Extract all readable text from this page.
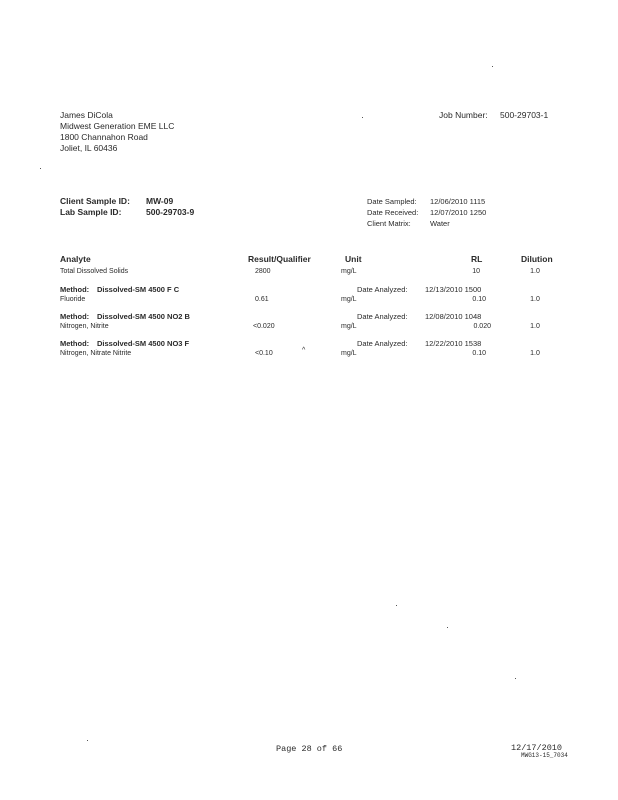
James DiCola
Midwest Generation EME LLC
1800 Channahon Road
Joliet, IL 60436
Job Number: 500-29703-1
Client Sample ID: MW-09
Lab Sample ID:	500-29703-9
Date Sampled: 12/06/2010 1115
Date Received: 12/07/2010 1250
Client Matrix:	Water
Analyte	Result/Qualifier	Unit	RL	Dilution
Total Dissolved Solids	2800	mg/L	10	1.0
Method: Dissolved-SM 4500 F C	Date Analyzed: 12/13/2010 1500
Fluoride	0.61	mg/L	0.10	1.0
Method: Dissolved-SM 4500 NO2 B	Date Analyzed: 12/08/2010 1048
Nitrogen, Nitrite	<0.020	mg/L	0.020	1.0
Method: Dissolved-SM 4500 NO3 F	Date Analyzed: 12/22/2010 1538
Nitrogen, Nitrate Nitrite	<0.10	^	mg/L	0.10	1.0
Page 28 of 66	12/17/2010
MWG13-15_7034
